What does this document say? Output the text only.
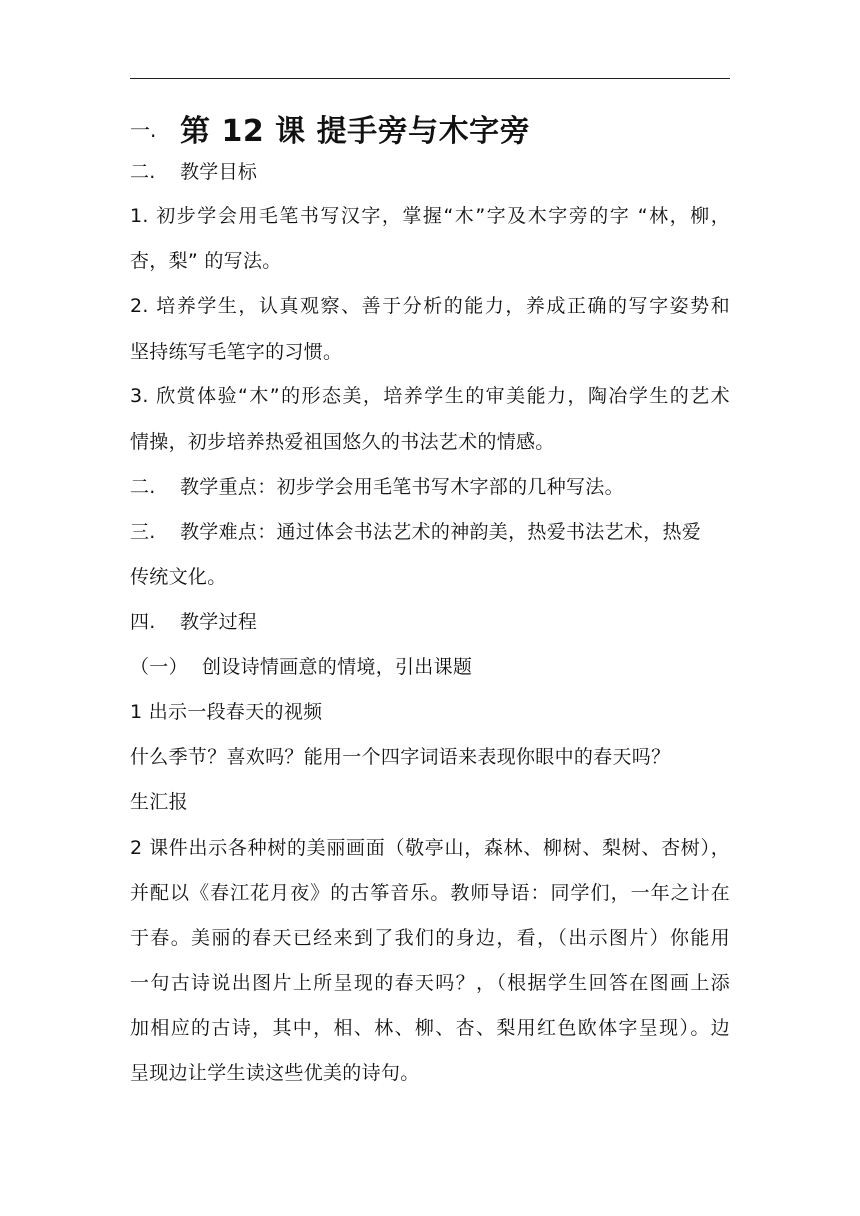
一. 第 12 课 提手旁与木字旁
二. 教学目标
1. 初步学会用毛笔书写汉字，掌握“木”字及木字旁的字 “林，柳，
杏，梨” 的写法。
2. 培养学生，认真观察、善于分析的能力，养成正确的写字姿势和
坚持练写毛笔字的习惯。
3. 欣赏体验“木”的形态美，培养学生的审美能力，陶冶学生的艺术
情操，初步培养热爱祖国悠久的书法艺术的情感。
二. 教学重点：初步学会用毛笔书写木字部的几种写法。
三. 教学难点：通过体会书法艺术的神韵美，热爱书法艺术，热爱
传统文化。
四. 教学过程
（一） 创设诗情画意的情境，引出课题
1 出示一段春天的视频
什么季节？喜欢吗？能用一个四字词语来表现你眼中的春天吗？
生汇报
2 课件出示各种树的美丽画面（敬亭山，森林、柳树、梨树、杏树），
并配以《春江花月夜》的古筝音乐。教师导语：同学们，一年之计在
于春。美丽的春天已经来到了我们的身边，看，（出示图片）你能用
一句古诗说出图片上所呈现的春天吗？，（根据学生回答在图画上添
加相应的古诗，其中，相、林、柳、杏、梨用红色欧体字呈现）。边
呈现边让学生读这些优美的诗句。
